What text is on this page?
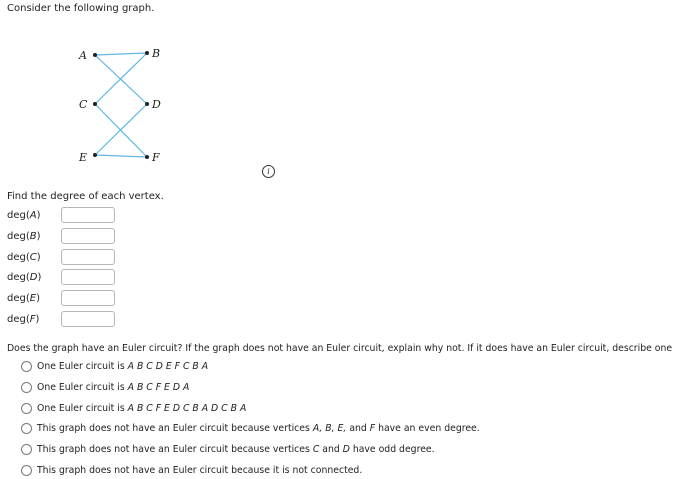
Consider the following graph.
A	B
C	D
E	F
i
Find the degree of each vertex.
deg(A)
deg(B)
deg(C)
deg(D)
deg(E)
deg(F)
Does the graph have an Euler circuit? If the graph does not have an Euler circuit, explain why not. If it does have an Euler circuit, describe one
One Euler circuit is A B C D E F C B A
One Euler circuit is A B C F E D A
One Euler circuit is A B C F E D C B A D C B A
This graph does not have an Euler circuit because vertices A, B, E, and F have an even degree.
This graph does not have an Euler circuit because vertices C and D have odd degree.
This graph does not have an Euler circuit because it is not connected.
